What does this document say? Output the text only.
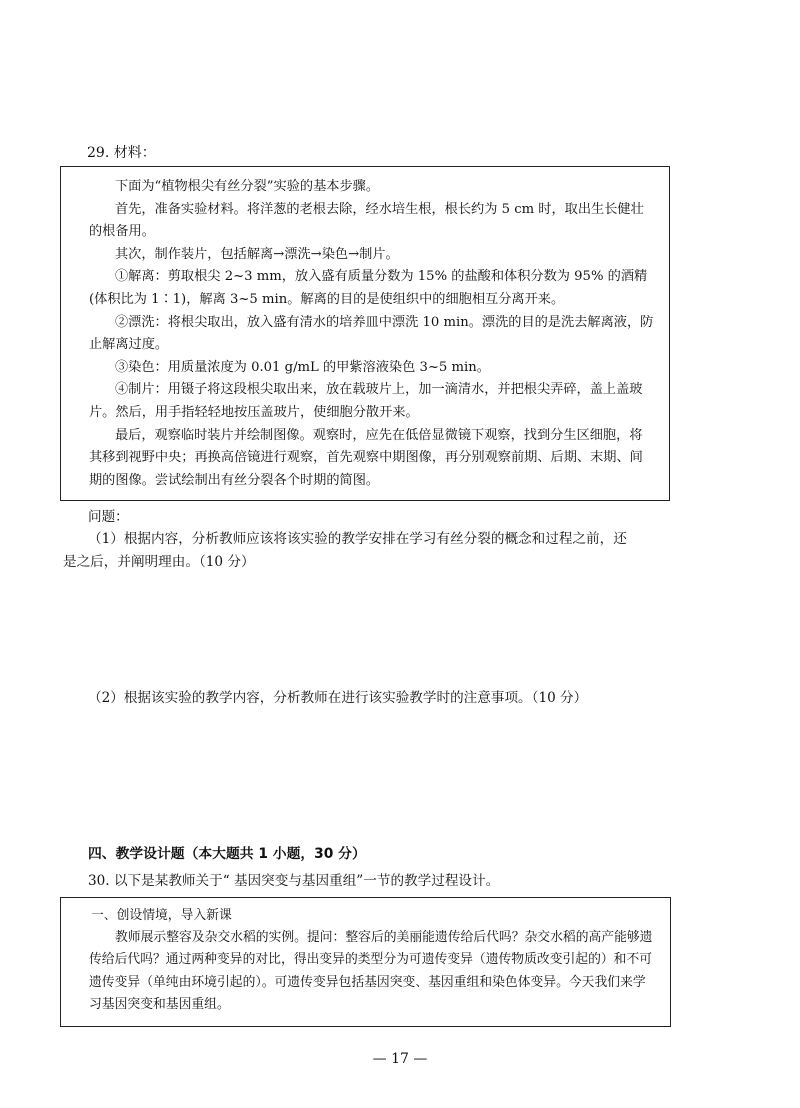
29. 材料：

下面为“植物根尖有丝分裂”实验的基本步骤。

首先，准备实验材料。将洋葱的老根去除，经水培生根，根长约为 5 cm 时，取出生长健壮的根备用。

其次，制作装片，包括解离→漂洗→染色→制片。

①解离：剪取根尖 2~3 mm，放入盛有质量分数为 15% 的盐酸和体积分数为 95% 的酒精(体积比为 1∶1)，解离 3~5 min。解离的目的是使组织中的细胞相互分离开来。

②漂洗：将根尖取出，放入盛有清水的培养皿中漂洗 10 min。漂洗的目的是洗去解离液，防止解离过度。

③染色：用质量浓度为 0.01 g/mL 的甲紫溶液染色 3~5 min。

④制片：用镊子将这段根尖取出来，放在载玻片上，加一滴清水，并把根尖弄碎，盖上盖玻片。然后，用手指轻轻地按压盖玻片，使细胞分散开来。

最后，观察临时装片并绘制图像。观察时，应先在低倍显微镜下观察，找到分生区细胞，将其移到视野中央；再换高倍镜进行观察，首先观察中期图像，再分别观察前期、后期、末期、间期的图像。尝试绘制出有丝分裂各个时期的简图。

问题：
（1）根据内容，分析教师应该将该实验的教学安排在学习有丝分裂的概念和过程之前，还
是之后，并阐明理由。（10 分）
（2）根据该实验的教学内容，分析教师在进行该实验教学时的注意事项。（10 分）
四、教学设计题（本大题共 1 小题，30 分）
30. 以下是某教师关于“ 基因突变与基因重组”一节的教学过程设计。

一、创设情境，导入新课

教师展示整容及杂交水稻的实例。提问：整容后的美丽能遗传给后代吗？杂交水稻的高产能够遗传给后代吗？通过两种变异的对比，得出变异的类型分为可遗传变异（遗传物质改变引起的）和不可遗传变异（单纯由环境引起的）。可遗传变异包括基因突变、基因重组和染色体变异。今天我们来学习基因突变和基因重组。

— 17 —
